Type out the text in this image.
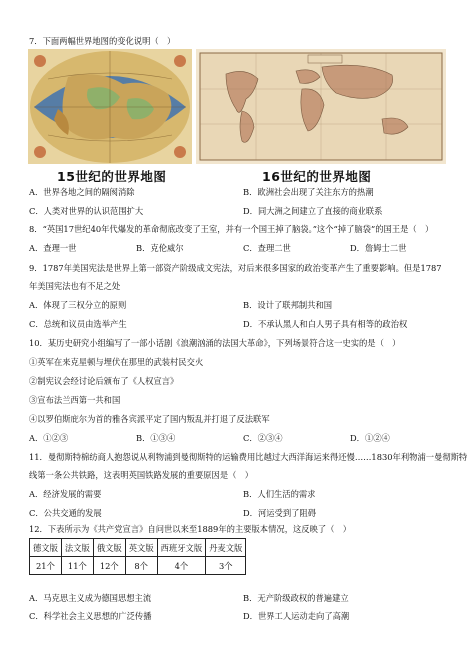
7．下面两幅世界地图的变化说明（　）
15世纪的世界地图	16世纪的世界地图
A．世界各地之间的隔阂消除	B．欧洲社会出现了关注东方的热潮
C．人类对世界的认识范围扩大	D．同大洲之间建立了直接的商业联系
8．“英国17世纪40年代爆发的革命彻底改变了王室，并有一个国王掉了脑袋。”这个“掉了脑袋”的国王是（　）
A．查理一世	B．克伦威尔	C．查理二世	D．詹姆士二世
9．1787年美国宪法是世界上第一部资产阶级成文宪法，对后来很多国家的政治变革产生了重要影响。但是1787
年美国宪法也有不足之处
A．体现了三权分立的原则	B．设计了联邦制共和国
C．总统和议员由选举产生	D．不承认黑人和白人男子具有相等的政治权
10．某历史研究小组编写了一部小话剧《浪潮汹涌的法国大革命》，下列场景符合这一史实的是（　）
①英军在来克星顿与埋伏在那里的武装村民交火
②制宪议会经讨论后颁布了《人权宣言》
③宣布法兰西第一共和国
④以罗伯斯庇尔为首的雅各宾派平定了国内叛乱并打退了反法联军
A．①②③	B．①③④	C．②③④	D．①②④
11．曼彻斯特棉纺商人抱怨说从利物浦到曼彻斯特的运输费用比越过大西洋海运来得还慢……1830年利物浦一曼彻斯特
线第一条公共铁路，这表明英国铁路发展的重要原因是（　）
A．经济发展的需要	B．人们生活的需求
C．公共交通的发展	D．河运受到了阻碍
12．下表所示为《共产党宣言》自问世以来至1889年的主要版本情况，这反映了（　）
德文版	法文版	俄文版	英文版	西班牙文版	丹麦文版
21个	11个	12个	8个	4个	3个
A．马克思主义成为德国思想主流	B．无产阶级政权的普遍建立
C．科学社会主义思想的广泛传播	D．世界工人运动走向了高潮
